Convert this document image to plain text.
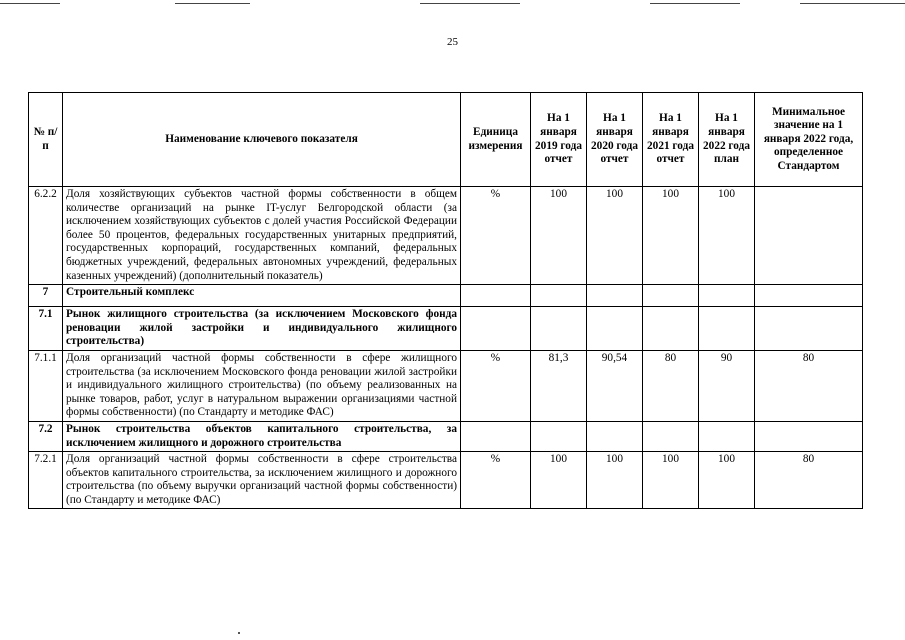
25
№ п/п	Наименование ключевого показателя	Единица измерения	На 1 января 2019 года отчет	На 1 января 2020 года отчет	На 1 января 2021 года отчет	На 1 января 2022 года план	Минимальное значение на 1 января 2022 года, определенное Стандартом
6.2.2	Доля хозяйствующих субъектов частной формы собственности в общем количестве организаций на рынке IT-услуг Белгородской области (за исключением хозяйствующих субъектов с долей участия Российской Федерации более 50 процентов, федеральных государственных унитарных предприятий, государственных корпораций, государственных компаний, федеральных бюджетных учреждений, федеральных автономных учреждений, федеральных казенных учреждений) (дополнительный показатель)	%	100	100	100	100	
7	Строительный комплекс						
7.1	Рынок жилищного строительства (за исключением Московского фонда реновации жилой застройки и индивидуального жилищного строительства)						
7.1.1	Доля организаций частной формы собственности в сфере жилищного строительства (за исключением Московского фонда реновации жилой застройки и индивидуального жилищного строительства) (по объему реализованных на рынке товаров, работ, услуг в натуральном выражении организациями частной формы собственности) (по Стандарту и методике ФАС)	%	81,3	90,54	80	90	80
7.2	Рынок строительства объектов капитального строительства, за исключением жилищного и дорожного строительства						
7.2.1	Доля организаций частной формы собственности в сфере строительства объектов капитального строительства, за исключением жилищного и дорожного строительства (по объему выручки организаций частной формы собственности) (по Стандарту и методике ФАС)	%	100	100	100	100	80
